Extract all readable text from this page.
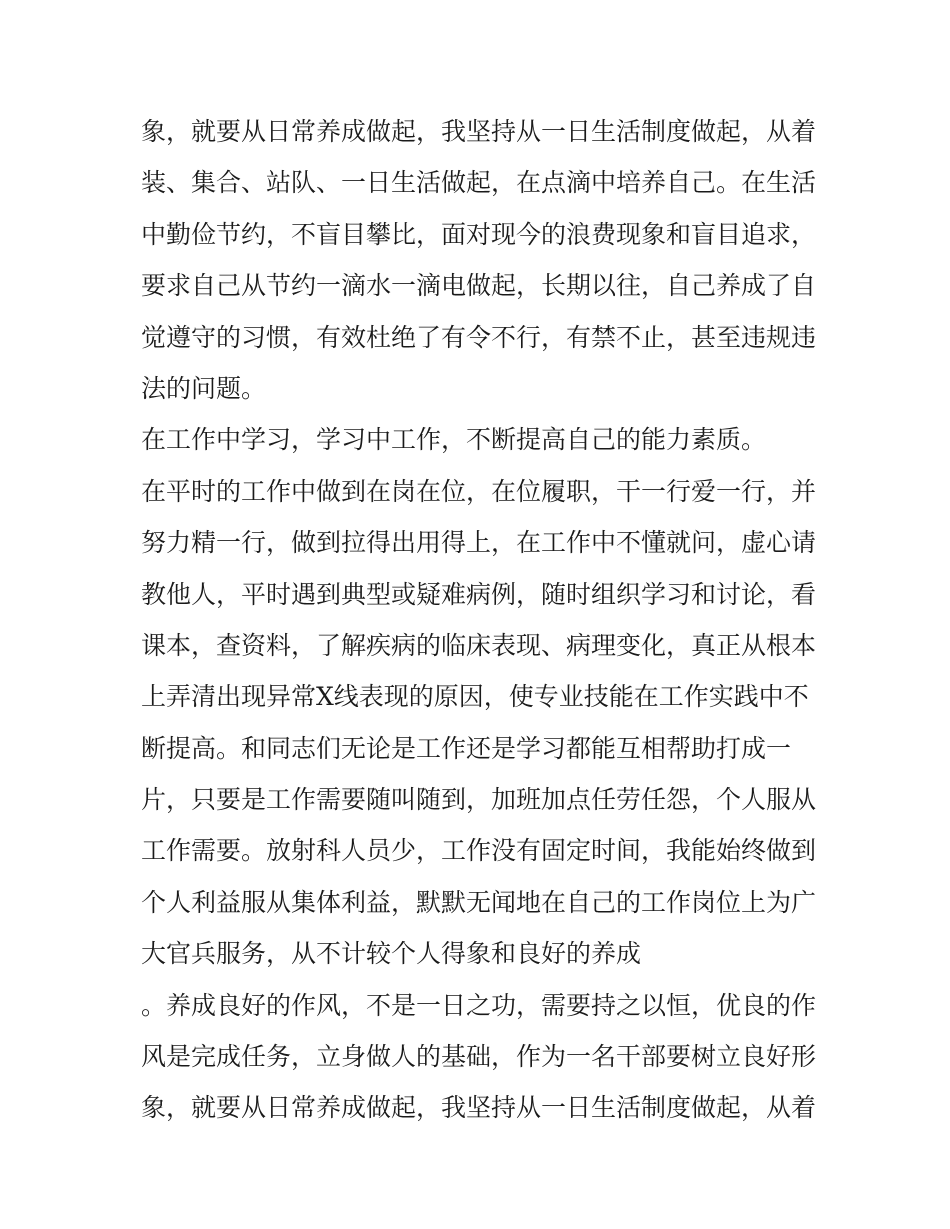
象，就要从日常养成做起，我坚持从一日生活制度做起，从着
装、集合、站队、一日生活做起，在点滴中培养自己。在生活
中勤俭节约，不盲目攀比，面对现今的浪费现象和盲目追求，
要求自己从节约一滴水一滴电做起，长期以往，自己养成了自
觉遵守的习惯，有效杜绝了有令不行，有禁不止，甚至违规违
法的问题。
在工作中学习，学习中工作，不断提高自己的能力素质。
在平时的工作中做到在岗在位，在位履职，干一行爱一行，并
努力精一行，做到拉得出用得上，在工作中不懂就问，虚心请
教他人，平时遇到典型或疑难病例，随时组织学习和讨论，看
课本，查资料，了解疾病的临床表现、病理变化，真正从根本
上弄清出现异常X线表现的原因，使专业技能在工作实践中不
断提高。和同志们无论是工作还是学习都能互相帮助打成一
片，只要是工作需要随叫随到，加班加点任劳任怨，个人服从
工作需要。放射科人员少，工作没有固定时间，我能始终做到
个人利益服从集体利益，默默无闻地在自己的工作岗位上为广
大官兵服务，从不计较个人得象和良好的养成
。养成良好的作风，不是一日之功，需要持之以恒，优良的作
风是完成任务，立身做人的基础，作为一名干部要树立良好形
象，就要从日常养成做起，我坚持从一日生活制度做起，从着
